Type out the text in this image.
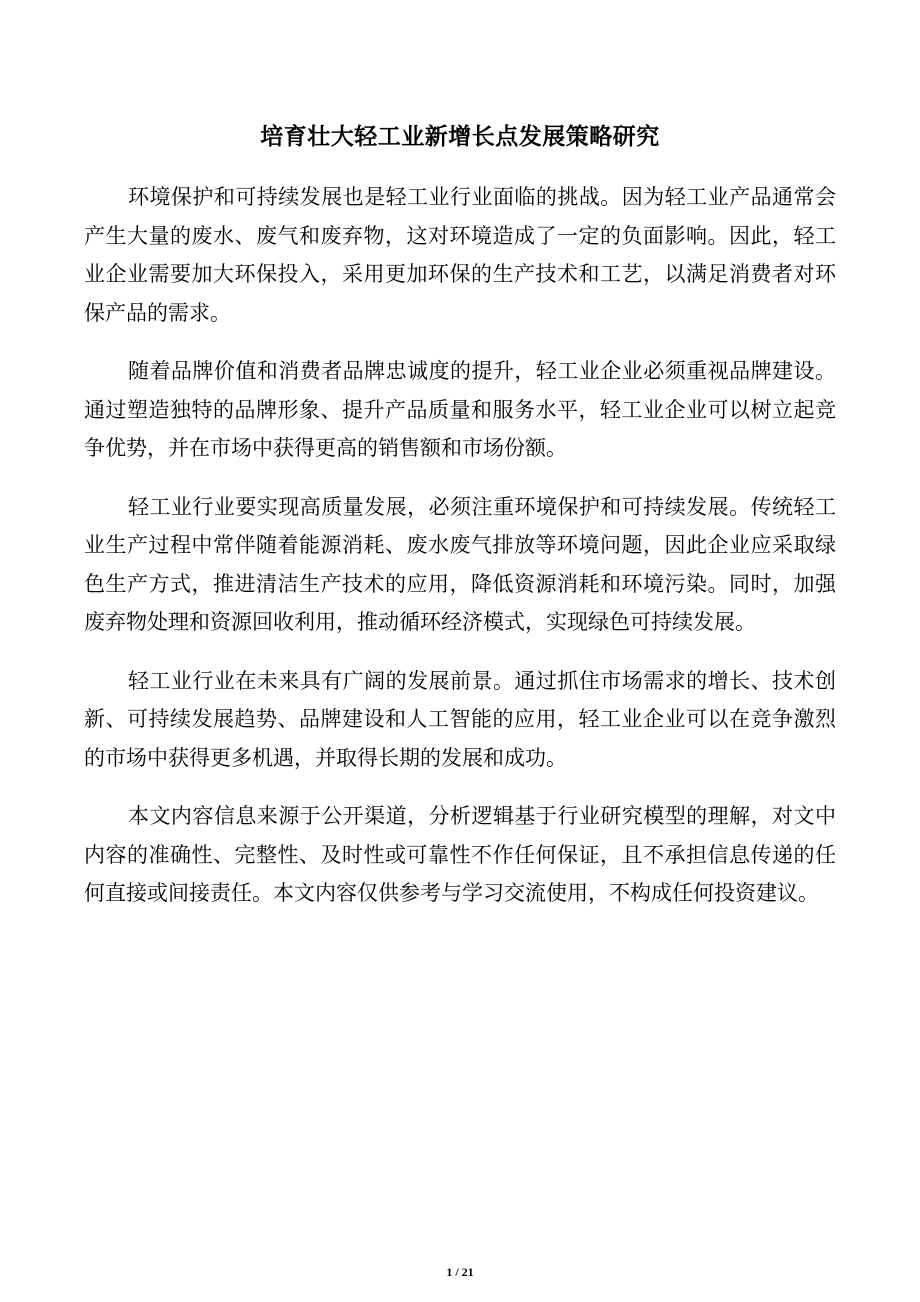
培育壮大轻工业新增长点发展策略研究

环境保护和可持续发展也是轻工业行业面临的挑战。因为轻工业产品通常会产生大量的废水、废气和废弃物，这对环境造成了一定的负面影响。因此，轻工业企业需要加大环保投入，采用更加环保的生产技术和工艺，以满足消费者对环保产品的需求。

随着品牌价值和消费者品牌忠诚度的提升，轻工业企业必须重视品牌建设。通过塑造独特的品牌形象、提升产品质量和服务水平，轻工业企业可以树立起竞争优势，并在市场中获得更高的销售额和市场份额。

轻工业行业要实现高质量发展，必须注重环境保护和可持续发展。传统轻工业生产过程中常伴随着能源消耗、废水废气排放等环境问题，因此企业应采取绿色生产方式，推进清洁生产技术的应用，降低资源消耗和环境污染。同时，加强废弃物处理和资源回收利用，推动循环经济模式，实现绿色可持续发展。

轻工业行业在未来具有广阔的发展前景。通过抓住市场需求的增长、技术创新、可持续发展趋势、品牌建设和人工智能的应用，轻工业企业可以在竞争激烈的市场中获得更多机遇，并取得长期的发展和成功。

本文内容信息来源于公开渠道，分析逻辑基于行业研究模型的理解，对文中内容的准确性、完整性、及时性或可靠性不作任何保证，且不承担信息传递的任何直接或间接责任。本文内容仅供参考与学习交流使用，不构成任何投资建议。

1 / 21
